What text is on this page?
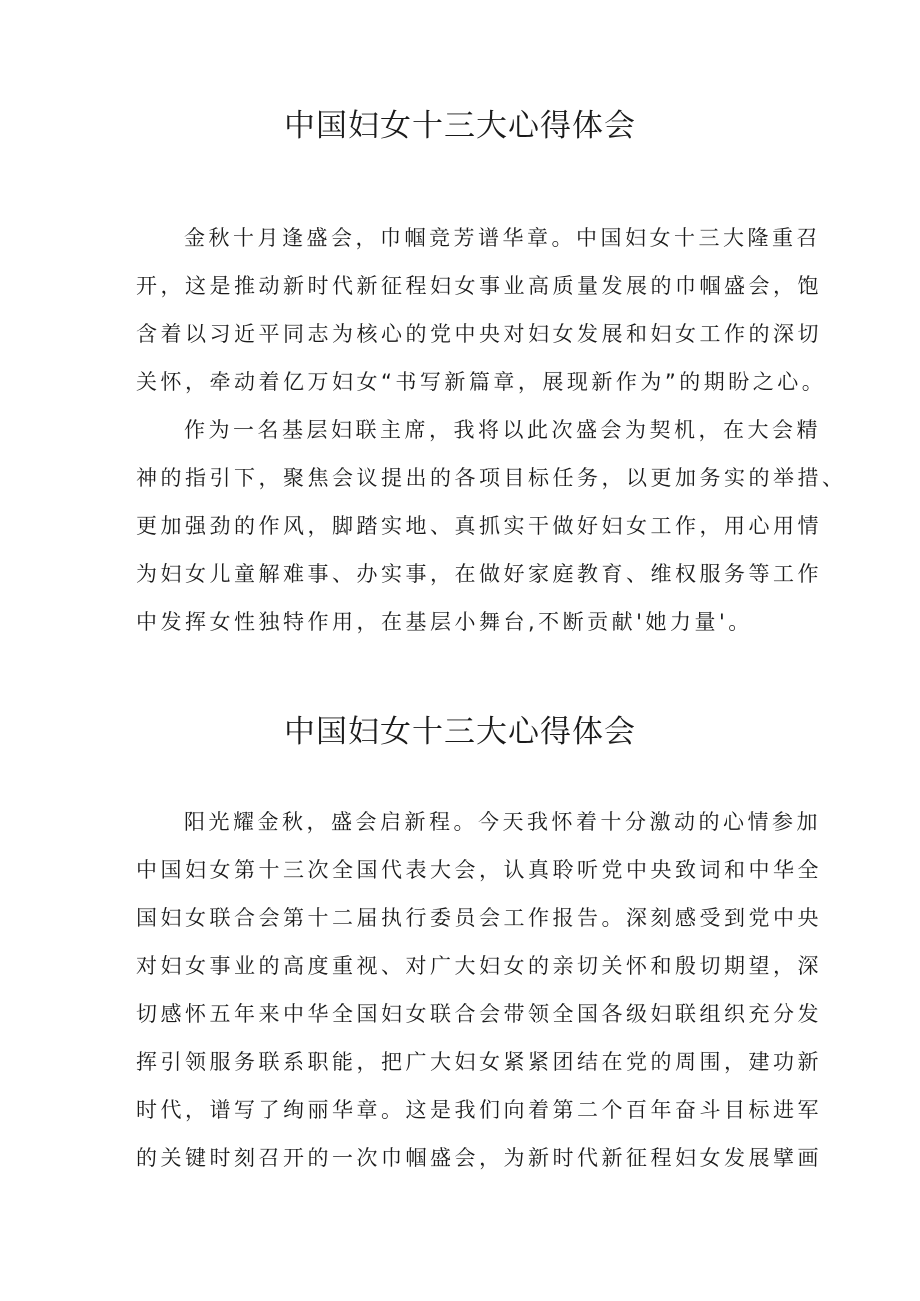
中国妇女十三大心得体会

金秋十月逢盛会，巾帼竞芳谱华章。中国妇女十三大隆重召

开，这是推动新时代新征程妇女事业高质量发展的巾帼盛会，饱

含着以习近平同志为核心的党中央对妇女发展和妇女工作的深切

关怀，牵动着亿万妇女“书写新篇章，展现新作为”的期盼之心。

作为一名基层妇联主席，我将以此次盛会为契机，在大会精

神的指引下，聚焦会议提出的各项目标任务，以更加务实的举措、

更加强劲的作风，脚踏实地、真抓实干做好妇女工作，用心用情

为妇女儿童解难事、办实事，在做好家庭教育、维权服务等工作

中发挥女性独特作用，在基层小舞台,不断贡献'她力量'。

中国妇女十三大心得体会

阳光耀金秋，盛会启新程。今天我怀着十分激动的心情参加

中国妇女第十三次全国代表大会，认真聆听党中央致词和中华全

国妇女联合会第十二届执行委员会工作报告。深刻感受到党中央

对妇女事业的高度重视、对广大妇女的亲切关怀和殷切期望，深

切感怀五年来中华全国妇女联合会带领全国各级妇联组织充分发

挥引领服务联系职能，把广大妇女紧紧团结在党的周围，建功新

时代，谱写了绚丽华章。这是我们向着第二个百年奋斗目标进军

的关键时刻召开的一次巾帼盛会，为新时代新征程妇女发展擘画
